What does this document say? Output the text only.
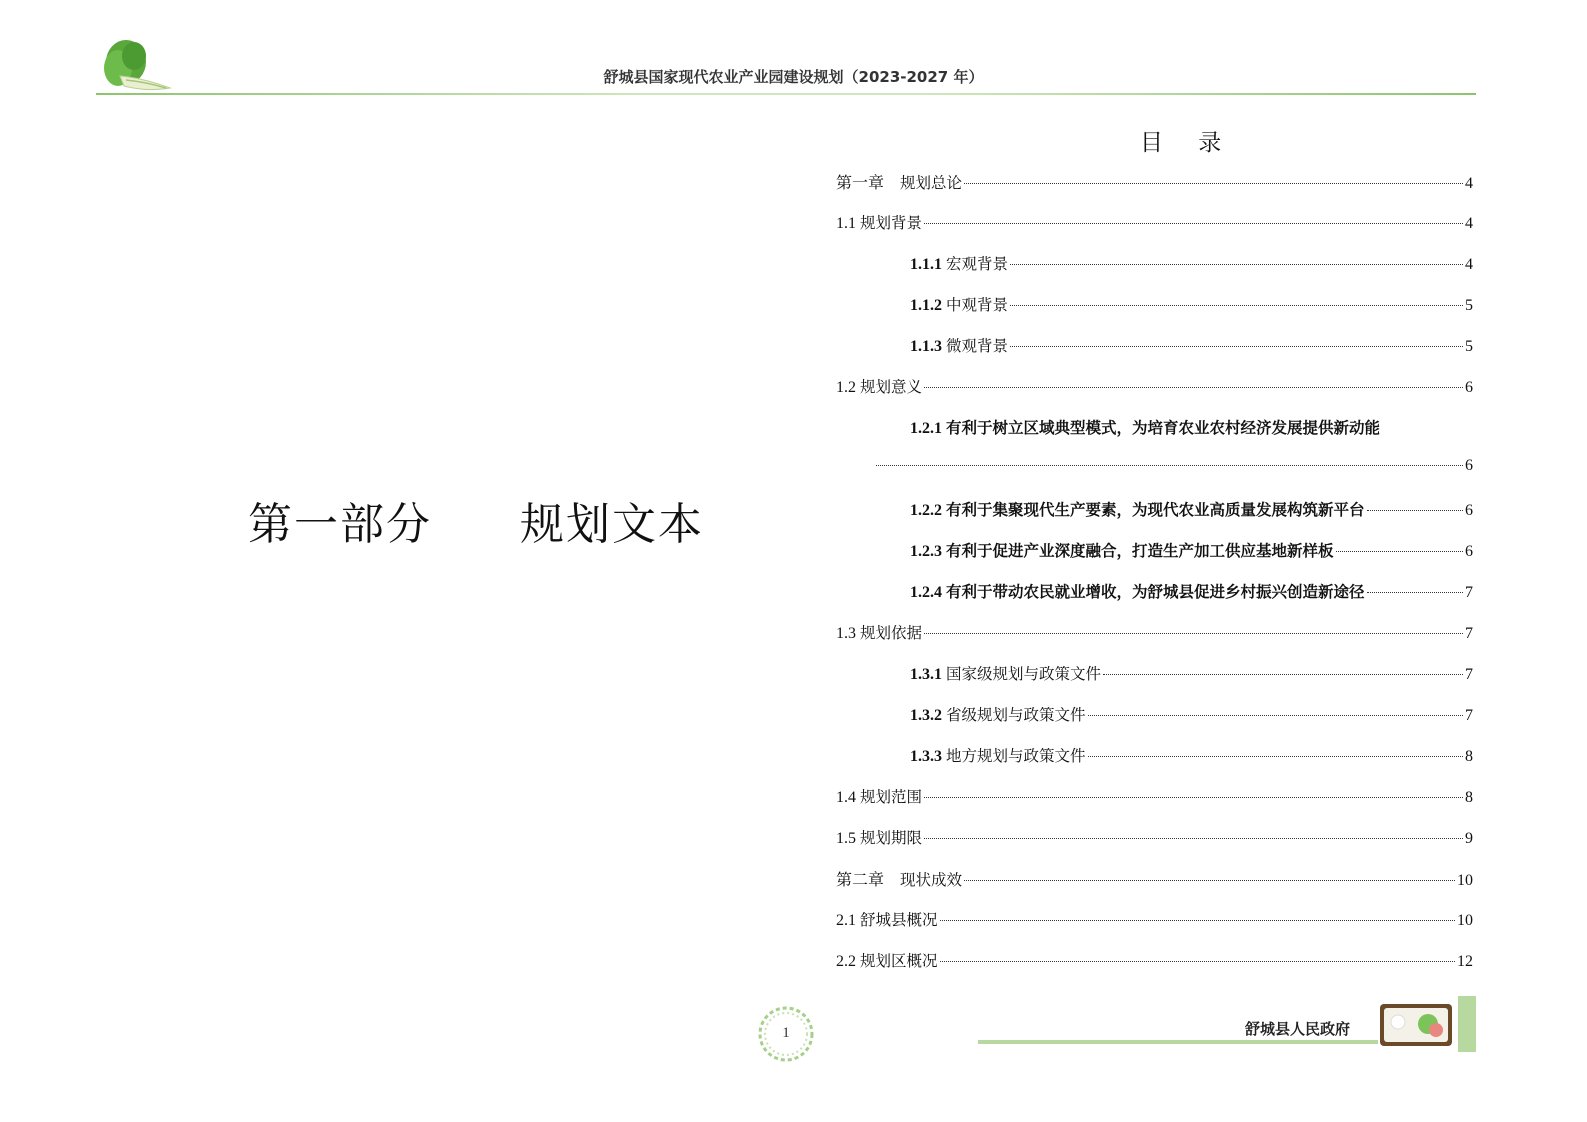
舒城县国家现代农业产业园建设规划（2023-2027 年）
第一部分 规划文本
目 录
第一章　 规划总论	4
1.1 规划背景	4
1.1.1 宏观背景	4
1.1.2 中观背景	5
1.1.3 微观背景	5
1.2 规划意义	6
1.2.1 有利于树立区域典型模式，为培育农业农村经济发展提供新动能
6
1.2.2 有利于集聚现代生产要素，为现代农业高质量发展构筑新平台	6
1.2.3 有利于促进产业深度融合，打造生产加工供应基地新样板	6
1.2.4 有利于带动农民就业增收，为舒城县促进乡村振兴创造新途径	7
1.3 规划依据	7
1.3.1 国家级规划与政策文件	7
1.3.2 省级规划与政策文件	7
1.3.3 地方规划与政策文件	8
1.4 规划范围	8
1.5 规划期限	9
第二章　 现状成效	10
2.1 舒城县概况	10
2.2 规划区概况	12
1	舒城县人民政府
